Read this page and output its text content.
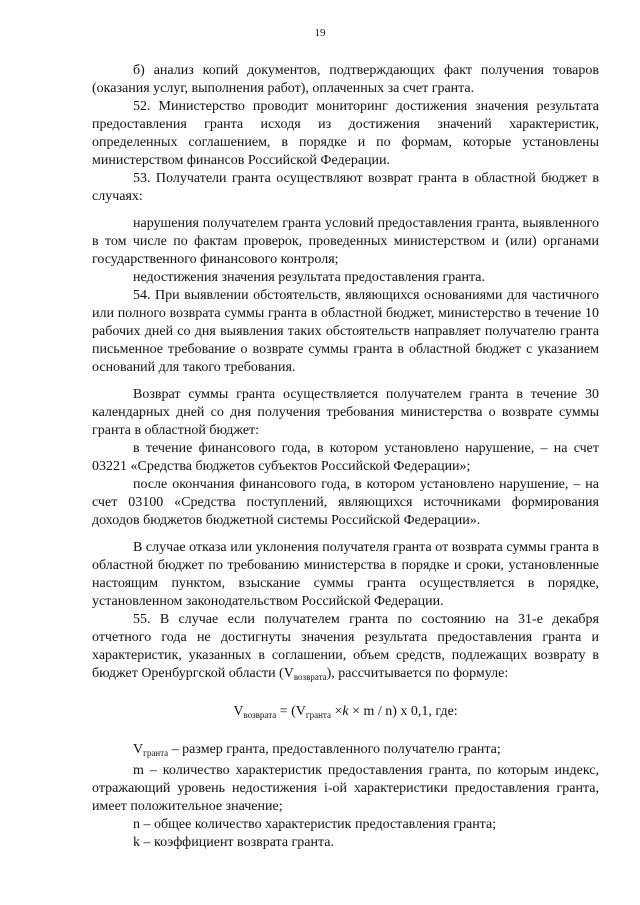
19

б) анализ копий документов, подтверждающих факт получения товаров (оказания услуг, выполнения работ), оплаченных за счет гранта.

52. Министерство проводит мониторинг достижения значения результата предоставления гранта исходя из достижения значений характеристик, определенных соглашением, в порядке и по формам, которые установлены министерством финансов Российской Федерации.

53. Получатели гранта осуществляют возврат гранта в областной бюджет в случаях:

нарушения получателем гранта условий предоставления гранта, выявленного в том числе по фактам проверок, проведенных министерством и (или) органами государственного финансового контроля;

недостижения значения результата предоставления гранта.

54. При выявлении обстоятельств, являющихся основаниями для частичного или полного возврата суммы гранта в областной бюджет, министерство в течение 10 рабочих дней со дня выявления таких обстоятельств направляет получателю гранта письменное требование о возврате суммы гранта в областной бюджет с указанием оснований для такого требования.

Возврат суммы гранта осуществляется получателем гранта в течение 30 календарных дней со дня получения требования министерства о возврате суммы гранта в областной бюджет:

в течение финансового года, в котором установлено нарушение, – на счет 03221 «Средства бюджетов субъектов Российской Федерации»;

после окончания финансового года, в котором установлено нарушение, – на счет 03100 «Средства поступлений, являющихся источниками формирования доходов бюджетов бюджетной системы Российской Федерации».

В случае отказа или уклонения получателя гранта от возврата суммы гранта в областной бюджет по требованию министерства в порядке и сроки, установленные настоящим пунктом, взыскание суммы гранта осуществляется в порядке, установленном законодательством Российской Федерации.

55. В случае если получателем гранта по состоянию на 31-е декабря отчетного года не достигнуты значения результата предоставления гранта и характеристик, указанных в соглашении, объем средств, подлежащих возврату в бюджет Оренбургской области $(V_{возврата})$, рассчитывается по формуле:

$V_{возврата} = (V_{гранта} \times k \times m / n)$ x 0,1, где:

$V_{гранта}$ – размер гранта, предоставленного получателю гранта;

m – количество характеристик предоставления гранта, по которым индекс, отражающий уровень недостижения i-ой характеристики предоставления гранта, имеет положительное значение;

n – общее количество характеристик предоставления гранта;

k – коэффициент возврата гранта.
